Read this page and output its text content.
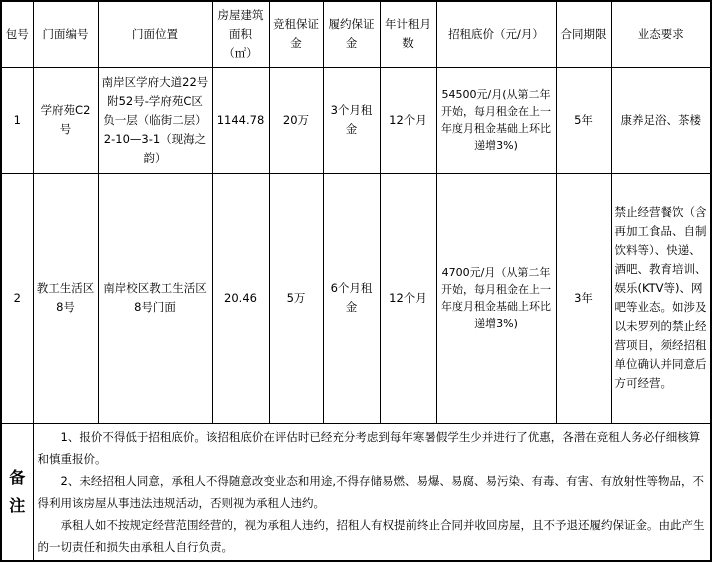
包号	门面编号	门面位置	房屋建筑面积（㎡）	竞租保证金	履约保证金	年计租月数	招租底价（元/月）	合同期限	业态要求
1	学府苑C2号	南岸区学府大道22号附52号-学府苑C区负一层（临街二层）2-10—3-1（现海之韵）	1144.78	20万	3个月租金	12个月	54500元/月(从第二年开始，每月租金在上一年度月租金基础上环比递增3%)	5年	康养足浴、茶楼
2	教工生活区 8号	南岸校区教工生活区8号门面	20.46	5万	6个月租金	12个月	4700元/月（从第二年开始，每月租金在上一年度月租金基础上环比递增3%)	3年	禁止经营餐饮（含再加工食品、自制饮料等）、快递、酒吧、教育培训、娱乐(KTV等)、网吧等业态。如涉及以未罗列的禁止经营项目，须经招租单位确认并同意后方可经营。
备注	1、报价不得低于招租底价。该招租底价在评估时已经充分考虑到每年寒暑假学生少并进行了优惠，各潜在竞租人务必仔细核算和慎重报价。

2、未经招租人同意，承租人不得随意改变业态和用途,不得存储易燃、易爆、易腐、易污染、有毒、有害、有放射性等物品，不得利用该房屋从事违法违规活动，否则视为承租人违约。

承租人如不按规定经营范围经营的，视为承租人违约，招租人有权提前终止合同并收回房屋，且不予退还履约保证金。由此产生的一切责任和损失由承租人自行负责。								
